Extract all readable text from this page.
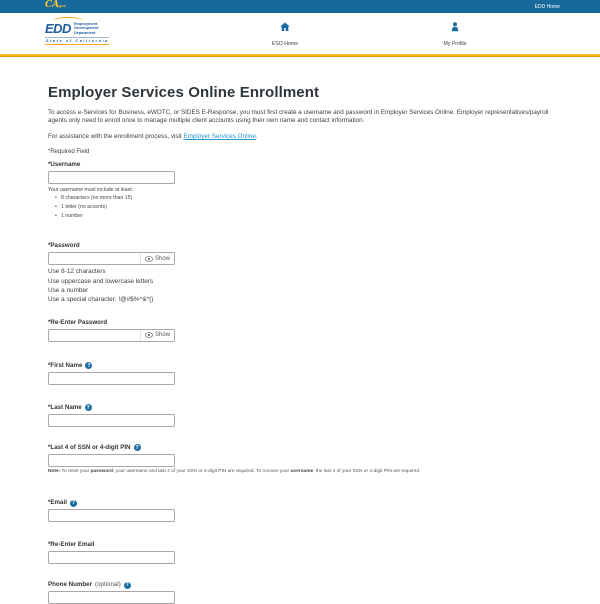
CA.gov	EDD Home
EDD Employment
Development
Department
State of California
ESO Home	My Profile
Employer Services Online Enrollment

To access e-Services for Business, eWOTC, or SIDES E-Response, you must first create a username and password in Employer Services Online. Employer representatives/payroll agents only need to enroll once to manage multiple client accounts using their own name and contact information.

For assistance with the enrollment process, visit Employer Services Online.

*Required Field

*Username
Your username must include at least:
• 8 characters (no more than 15)
• 1 letter (no accents)
• 1 number
*Password
Show
Use 8-12 characters
Use uppercase and lowercase letters
Use a number
Use a special character: !@#$%^&*()
*Re-Enter Password
Show
*First Name ?
*Last Name ?
*Last 4 of SSN or 4-digit PIN ?
Note: To reset your password, your username and last 4 of your SSN or 4-digit PIN are required. To recover your username, the last 4 of your SSN or 4-digit PIN are required.
*Email ?
*Re-Enter Email
Phone Number (optional) ?
